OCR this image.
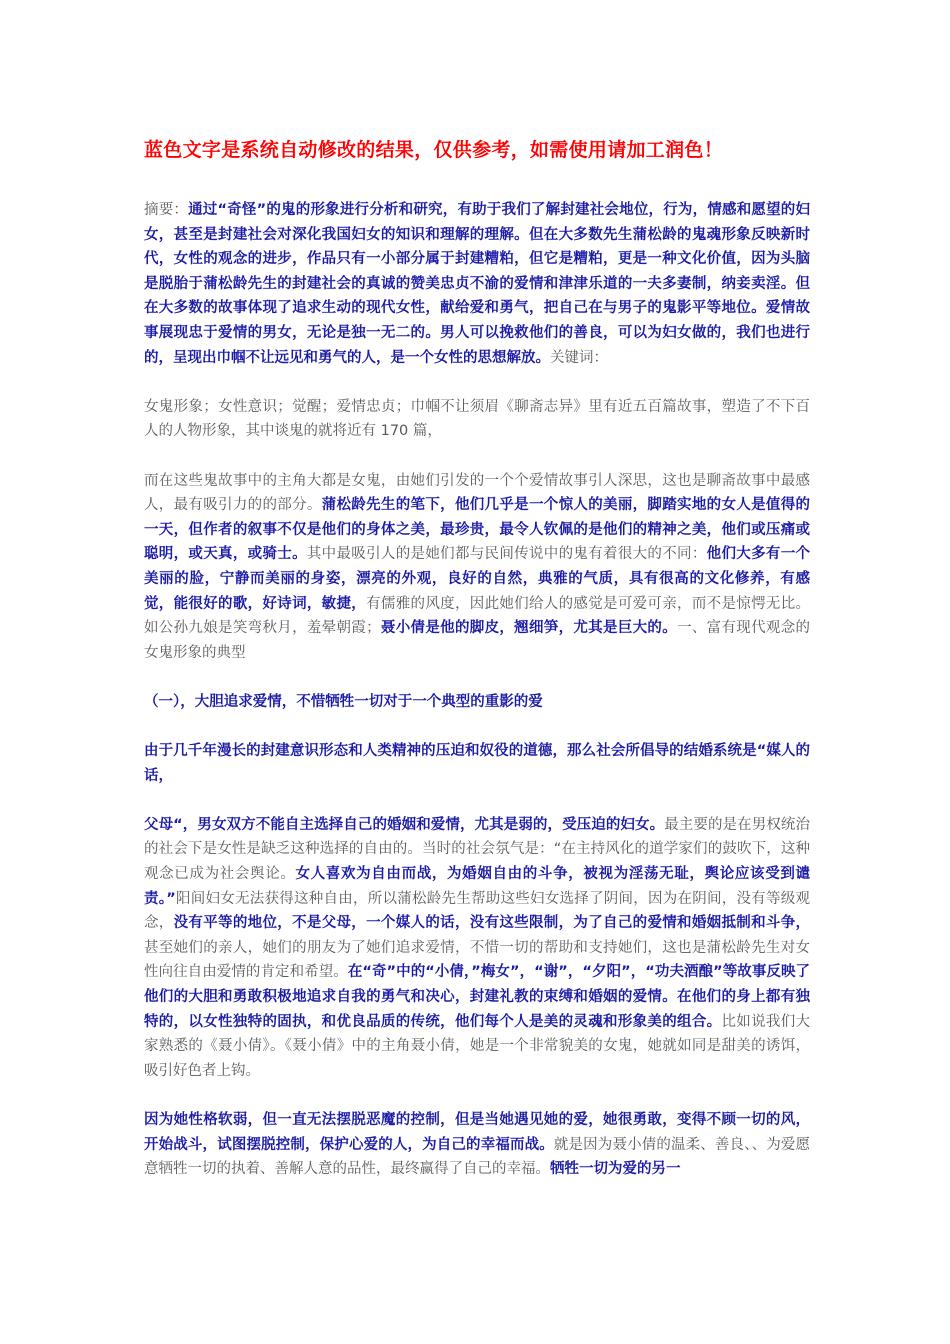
蓝色文字是系统自动修改的结果，仅供参考，如需使用请加工润色！

摘要：通过“奇怪”的鬼的形象进行分析和研究，有助于我们了解封建社会地位，行为，情感和愿望的妇女，甚至是封建社会对深化我国妇女的知识和理解的理解。但在大多数先生蒲松龄的鬼魂形象反映新时代，女性的观念的进步，作品只有一小部分属于封建糟粕，但它是糟粕，更是一种文化价值，因为头脑是脱胎于蒲松龄先生的封建社会的真诚的赞美忠贞不渝的爱情和津津乐道的一夫多妻制，纳妾卖淫。但在大多数的故事体现了追求生动的现代女性，献给爱和勇气，把自己在与男子的鬼影平等地位。爱情故事展现忠于爱情的男女，无论是独一无二的。男人可以挽救他们的善良，可以为妇女做的，我们也进行的，呈现出巾帼不让远见和勇气的人，是一个女性的思想解放。关键词：

女鬼形象；女性意识；觉醒；爱情忠贞；巾帼不让须眉《聊斋志异》里有近五百篇故事，塑造了不下百人的人物形象，其中谈鬼的就将近有 170 篇，

而在这些鬼故事中的主角大都是女鬼，由她们引发的一个个爱情故事引人深思，这也是聊斋故事中最感人，最有吸引力的的部分。蒲松龄先生的笔下，他们几乎是一个惊人的美丽，脚踏实地的女人是值得的一天，但作者的叙事不仅是他们的身体之美，最珍贵，最令人钦佩的是他们的精神之美，他们或压痛或聪明，或天真，或骑士。其中最吸引人的是她们都与民间传说中的鬼有着很大的不同：他们大多有一个美丽的脸，宁静而美丽的身姿，漂亮的外观，良好的自然，典雅的气质，具有很高的文化修养，有感觉，能很好的歌，好诗词，敏捷，有儒雅的风度，因此她们给人的感觉是可爱可亲，而不是惊愕无比。如公孙九娘是笑弯秋月，羞晕朝霞；聂小倩是他的脚皮，翘细笋，尤其是巨大的。一、富有现代观念的女鬼形象的典型

（一），大胆追求爱情，不惜牺牲一切对于一个典型的重影的爱

由于几千年漫长的封建意识形态和人类精神的压迫和奴役的道德，那么社会所倡导的结婚系统是“媒人的话，

父母“，男女双方不能自主选择自己的婚姻和爱情，尤其是弱的，受压迫的妇女。最主要的是在男权统治的社会下是女性是缺乏这种选择的自由的。当时的社会氛气是：“在主持风化的道学家们的鼓吹下，这种观念已成为社会舆论。女人喜欢为自由而战，为婚姻自由的斗争，被视为淫荡无耻，舆论应该受到谴责。”阳间妇女无法获得这种自由，所以蒲松龄先生帮助这些妇女选择了阴间，因为在阴间，没有等级观念，没有平等的地位，不是父母，一个媒人的话，没有这些限制，为了自己的爱情和婚姻抵制和斗争，甚至她们的亲人，她们的朋友为了她们追求爱情，不惜一切的帮助和支持她们，这也是蒲松龄先生对女性向往自由爱情的肯定和希望。在“奇”中的“小倩，”梅女”，“谢”，“夕阳”，“功夫酒酿”等故事反映了他们的大胆和勇敢积极地追求自我的勇气和决心，封建礼教的束缚和婚姻的爱情。在他们的身上都有独特的，以女性独特的固执，和优良品质的传统，他们每个人是美的灵魂和形象美的组合。比如说我们大家熟悉的《聂小倩》。《聂小倩》中的主角聂小倩，她是一个非常貌美的女鬼，她就如同是甜美的诱饵，吸引好色者上钩。

因为她性格软弱，但一直无法摆脱恶魔的控制，但是当她遇见她的爱，她很勇敢，变得不顾一切的风，开始战斗，试图摆脱控制，保护心爱的人，为自己的幸福而战。就是因为聂小倩的温柔、善良、、为爱愿意牺牲一切的执着、善解人意的品性，最终赢得了自己的幸福。牺牲一切为爱的另一
